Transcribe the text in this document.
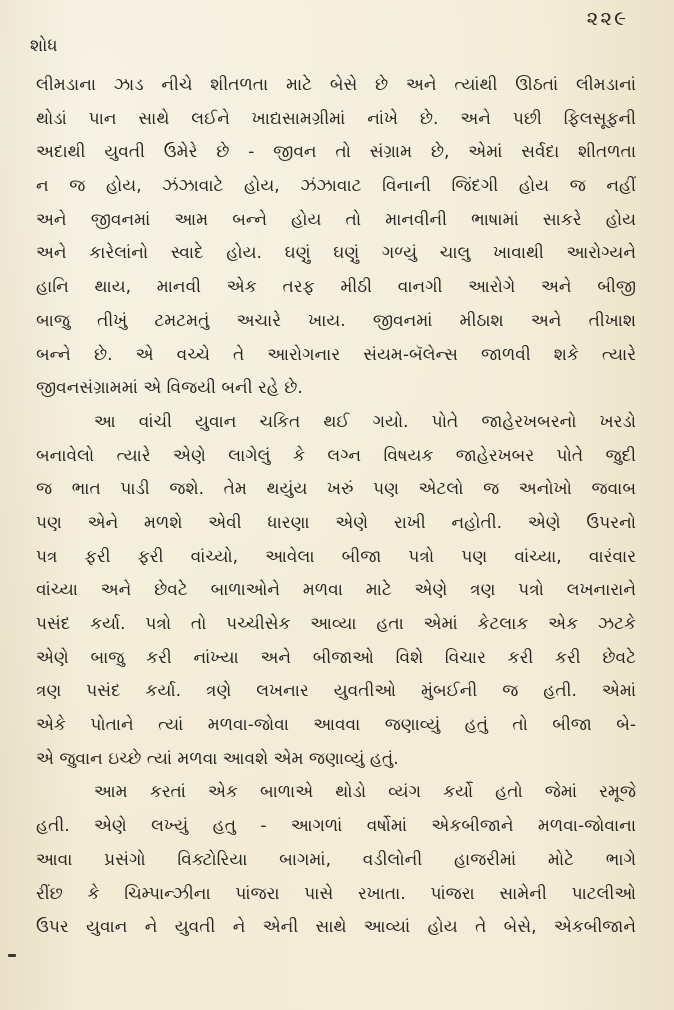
શોધ
૨૨૯
લીમડાના ઝાડ નીચે શીતળતા માટે બેસે છે અને ત્યાંથી ઊઠતાં લીમડાનાં
થોડાં પાન સાથે લઈને ખાદ્યસામગ્રીમાં નાંખે છે. અને પછી ફિલસૂફની
અદાથી યુવતી ઉમેરે છે - જીવન તો સંગ્રામ છે, એમાં સર્વદા શીતળતા
ન જ હોય, ઝંઝાવાટે હોય, ઝંઝાવાટ વિનાની જિંદગી હોય જ નહીં
અને જીવનમાં આમ બન્ને હોય તો માનવીની ભાષામાં સાકરે હોય
અને કારેલાંનો સ્વાદે હોય. ઘણું ઘણું ગળ્યું ચાલુ ખાવાથી આરોગ્યને
હાનિ થાય, માનવી એક તરફ મીઠી વાનગી આરોગે અને બીજી
બાજુ તીખું ટમટમતું અચારે ખાય. જીવનમાં મીઠાશ અને તીખાશ
બન્ને છે. એ વચ્ચે તે આરોગનાર સંયમ-બૅલેન્સ જાળવી શકે ત્યારે
જીવનસંગ્રામમાં એ વિજયી બની રહે છે.
આ વાંચી યુવાન ચકિત થઈ ગયો. પોતે જાહેરખબરનો ખરડો
બનાવેલો ત્યારે એણે લાગેલું કે લગ્ન વિષયક જાહેરખબર પોતે જુદી
જ ભાત પાડી જશે. તેમ થયુંય ખરું પણ એટલો જ અનોખો જવાબ
પણ એને મળશે એવી ધારણા એણે રાખી નહોતી. એણે ઉપરનો
પત્ર ફરી ફરી વાંચ્યો, આવેલા બીજા પત્રો પણ વાંચ્યા, વારંવાર
વાંચ્યા અને છેવટે બાળાઓને મળવા માટે એણે ત્રણ પત્રો લખનારાને
પસંદ કર્યા. પત્રો તો પચ્ચીસેક આવ્યા હતા એમાં કેટલાક એક ઝટકે
એણે બાજુ કરી નાંખ્યા અને બીજાઓ વિશે વિચાર કરી કરી છેવટે
ત્રણ પસંદ કર્યા. ત્રણે લખનાર યુવતીઓ મુંબઈની જ હતી. એમાં
એકે પોતાને ત્યાં મળવા-જોવા આવવા જણાવ્યું હતું તો બીજા બે-
એ જુવાન ઇચ્છે ત્યાં મળવા આવશે એમ જણાવ્યું હતું.
આમ કરતાં એક બાળાએ થોડો વ્યંગ કર્યો હતો જેમાં રમૂજે
હતી. એણે લખ્યું હતુ - આગળાં વર્ષોમાં એકબીજાને મળવા-જોવાના
આવા પ્રસંગો વિક્ટોરિયા બાગમાં, વડીલોની હાજરીમાં મોટે ભાગે
રીંછ કે ચિમ્પાન્ઝીના પાંજરા પાસે રખાતા. પાંજરા સામેની પાટલીઓ
ઉપર યુવાન ને યુવતી ને એની સાથે આવ્યાં હોય તે બેસે, એકબીજાને
